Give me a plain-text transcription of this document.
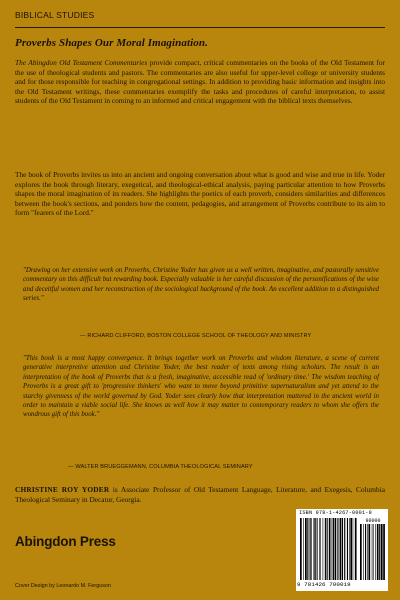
BIBLICAL STUDIES
Proverbs Shapes Our Moral Imagination.
The Abingdon Old Testament Commentaries provide compact, critical commentaries on the books of the Old Testament for the use of theological students and pastors. The commentaries are also useful for upper-level college or university students and for those responsible for teaching in congregational settings. In addition to providing basic information and insights into the Old Testament writings, these commentaries exemplify the tasks and procedures of careful interpretation, to assist students of the Old Testament in coming to an informed and critical engagement with the biblical texts themselves.
The book of Proverbs invites us into an ancient and ongoing conversation about what is good and wise and true in life. Yoder explores the book through literary, exegetical, and theological-ethical analysis, paying particular attention to how Proverbs shapes the moral imagination of its readers. She highlights the poetics of each proverb, considers similarities and differences between the book's sections, and ponders how the content, pedagogies, and arrangement of Proverbs contribute to its aim to form "fearers of the Lord."
"Drawing on her extensive work on Proverbs, Christine Yoder has given us a well written, imaginative, and pastorally sensitive commentary on this difficult but rewarding book. Especially valuable is her careful discussion of the personifications of the wise and deceitful women and her reconstruction of the sociological background of the book. An excellent addition to a distinguished series."
— RICHARD CLIFFORD, BOSTON COLLEGE SCHOOL OF THEOLOGY AND MINISTRY
"This book is a most happy convergence. It brings together work on Proverbs and wisdom literature, a scene of current generative interpretive attention and Christine Yoder, the best reader of texts among rising scholars. The result is an interpretation of the book of Proverbs that is a fresh, imaginative, accessible read of 'ordinary time.' The wisdom teaching of Proverbs is a great gift to 'progressive thinkers' who want to move beyond primitive supernaturalism and yet attend to the starchy givenness of the world governed by God. Yoder sees clearly how that interpretation mattered in the ancient world in order to maintain a viable social life. She knows as well how it may matter to contemporary readers to whom she offers the wondrous gift of this book."
— WALTER BRUEGGEMANN, COLUMBIA THEOLOGICAL SEMINARY
CHRISTINE ROY YODER is Associate Professor of Old Testament Language, Literature, and Exegesis, Columbia Theological Seminary in Decatur, Georgia.
Abingdon Press
Cover Design by Leonardo M. Ferguson
ISBN 978-1-4267-0001-9
90000
9 781426 700019
